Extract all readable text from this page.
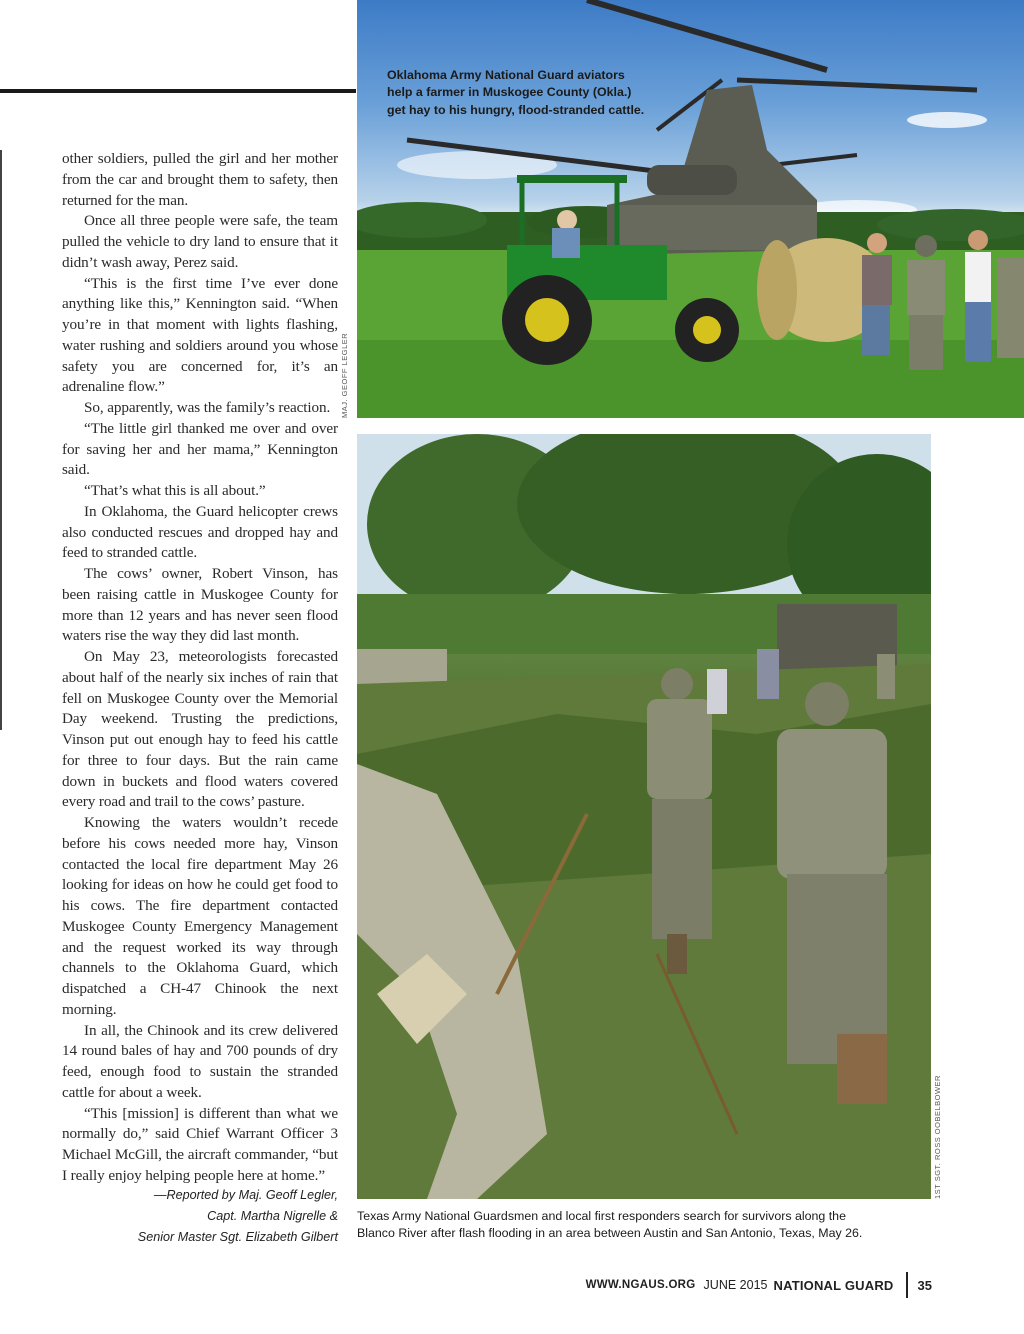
other soldiers, pulled the girl and her mother from the car and brought them to safety, then returned for the man.

Once all three people were safe, the team pulled the vehicle to dry land to ensure that it didn’t wash away, Perez said.

“This is the first time I’ve ever done anything like this,” Kennington said. “When you’re in that moment with lights flashing, water rushing and soldiers around you whose safety you are concerned for, it’s an adrenaline flow.”

So, apparently, was the family’s reaction.

“The little girl thanked me over and over for saving her and her mama,” Kennington said.

“That’s what this is all about.”

In Oklahoma, the Guard helicopter crews also conducted rescues and dropped hay and feed to stranded cattle.

The cows’ owner, Robert Vinson, has been raising cattle in Muskogee County for more than 12 years and has never seen flood waters rise the way they did last month.

On May 23, meteorologists forecasted about half of the nearly six inches of rain that fell on Muskogee County over the Memorial Day weekend. Trusting the predictions, Vinson put out enough hay to feed his cattle for three to four days. But the rain came down in buckets and flood waters covered every road and trail to the cows’ pasture.

Knowing the waters wouldn’t recede before his cows needed more hay, Vinson contacted the local fire department May 26 looking for ideas on how he could get food to his cows. The fire department contacted Muskogee County Emergency Management and the request worked its way through channels to the Oklahoma Guard, which dispatched a CH-47 Chinook the next morning.

In all, the Chinook and its crew delivered 14 round bales of hay and 700 pounds of dry feed, enough food to sustain the stranded cattle for about a week.

“This [mission] is different than what we normally do,” said Chief Warrant Officer 3 Michael McGill, the aircraft commander, “but I really enjoy helping people here at home.”

—Reported by Maj. Geoff Legler,
Capt. Martha Nigrelle &
Senior Master Sgt. Elizabeth Gilbert
Oklahoma Army National Guard aviators
help a farmer in Muskogee County (Okla.)
get hay to his hungry, flood-stranded cattle.
MAJ. GEOFF LEGLER
1ST SGT. ROSS OOBELBOWER
Texas Army National Guardsmen and local first responders search for survivors along the
Blanco River after flash flooding in an area between Austin and San Antonio, Texas, May 26.
WWW.NGAUS.ORG JUNE 2015 NATIONAL GUARD 35
